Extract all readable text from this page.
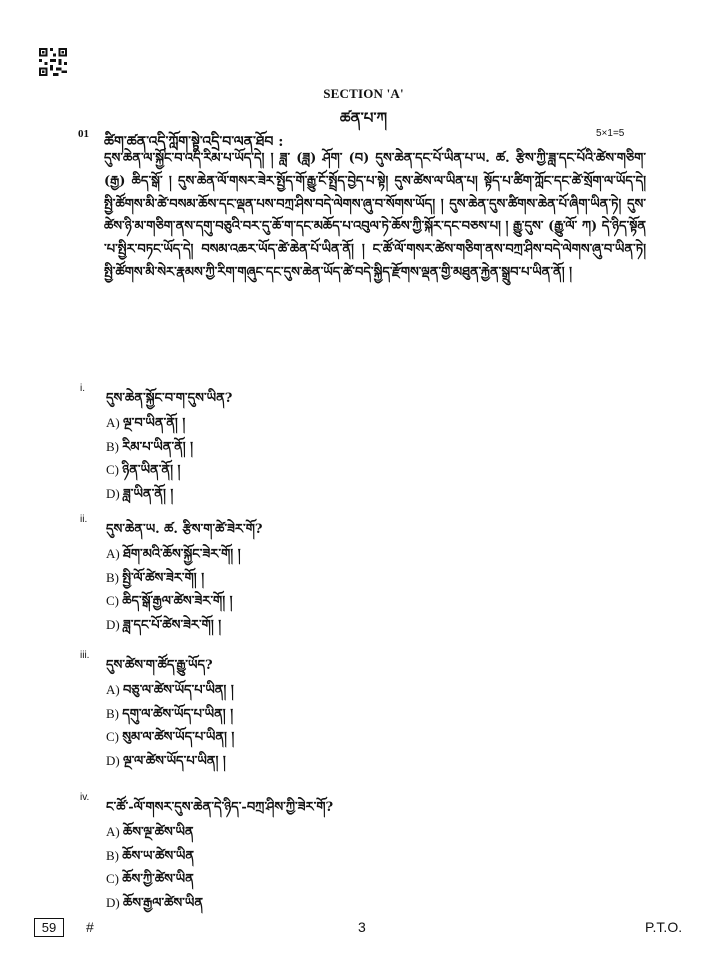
SECTION 'A'
ཚན་པ་ཀ
01 ཚིག་ཚན་འདི་ཀློག་སྟེ་འདྲི་བ་ལན་ཐོབ :
5×1=5
དུས་ཆེན་ལ་སྐྱོང་བ་འདི་རིམ་པ་ཡོད་དེ། ། ཟླ་ (ཟླ) ཤོག་ (བ) དུས་ཆེན་དང་པོ་ཡིན་པ་ཡ. ཚ. རྩིས་ཀྱི་ཟླ་དང་པོའི་ཚེས་གཅིག་ (རྒྱ) ཆིད་སྒོ་ ། དུས་ཆེན་ལོ་གསར་ཟེར་སྤྱོད་གོ་རྒྱུ་ངོ་སྤྲོད་བྱེད་པ་སྟེ། དུས་ཚེས་ལ་ཡིན་པ། སྟོད་པ་ཚིག་ཀློང་དང་ཚེ་སྲོག་ལ་ཡོད་དེ། སྤྱི་ཚོགས་མི་ཚེ་བསམ་ཆོས་དང་ལྡན་པས་བཀྲ་ཤིས་བདེ་ལེགས་ཞུ་བ་སོགས་ཡོད། ། དུས་ཆེན་དུས་ཚིགས་ཆེན་པོ་ཞིག་ཡིན་ཏེ། དུས་ཚེས་ཉི་མ་གཅིག་ནས་དགུ་བཅུའི་བར་དུ་ཆོ་ག་དང་མཆོད་པ་འབུལ་ཏེ་ཆོས་ཀྱི་སྐོར་དང་བཅས་པ། ། རྒྱུ་དུས་ (རྒྱུ་ལོ་ ཀ) དེ་ཉིད་སྟོན་པ་སྤྱིར་བཏང་ཡོད་དེ། བསམ་འཆར་ཡོད་ཚེ་ཆེན་པོ་ཡིན་ནོ། ། ང་ཚོ་ལོ་གསར་ཚེས་གཅིག་ནས་བཀྲ་ཤིས་བདེ་ལེགས་ཞུ་བ་ཡིན་ཏེ། སྤྱི་ཚོགས་མི་སེར་རྣམས་ཀྱི་རིག་གཞུང་དང་དུས་ཆེན་ཡོད་ཚེ་བདེ་སྐྱིད་རྫོགས་ལྡན་གྱི་མཐུན་རྐྱེན་སྒྲུབ་པ་ཡིན་ནོ། །
i.
དུས་ཆེན་སྐྱོང་བ་ག་དུས་ཡིན?
A) ལྔ་བ་ཡིན་ནོ། །
B) རིམ་པ་ཡིན་ནོ། །
C) ཉིན་ཡིན་ནོ། །
D) ཟླ་ཡིན་ནོ། །
ii.
དུས་ཆེན་ཡ. ཚ. རྩིས་ག་ཚེ་ཟེར་གོ?
A) ཐོག་མའི་ཆོས་སྐྱོང་ཟེར་གོ། །
B) སྤྱི་ལོ་ཚེས་ཟེར་གོ། །
C) ཆིད་སྒོ་རྒྱལ་ཚེས་ཟེར་གོ། །
D) ཟླ་དང་པོ་ཚེས་ཟེར་གོ། །
iii.
དུས་ཚེས་ག་ཚོད་རྒྱུ་ཡོད?
A) བཅུ་ལ་ཚེས་ཡོད་པ་ཡིན། །
B) དགུ་ལ་ཚེས་ཡོད་པ་ཡིན། །
C) སུམ་ལ་ཚེས་ཡོད་པ་ཡིན། །
D) ལྔ་ལ་ཚེས་ཡོད་པ་ཡིན། །
iv.
ང་ཚོ་-ལོ་གསར་དུས་ཆེན་དེ་ཉིད་-བཀྲ་ཤིས་ཀྱི་ཟེར་གོ?
A) ཆོས་ལྔ་ཚེས་ཡིན
B) ཆོས་ཡ་ཚེས་ཡིན
C) ཆོས་ཀྱི་ཚེས་ཡིན
D) ཆོས་རྒྱལ་ཚེས་ཡིན
59	#	3	P.T.O.
